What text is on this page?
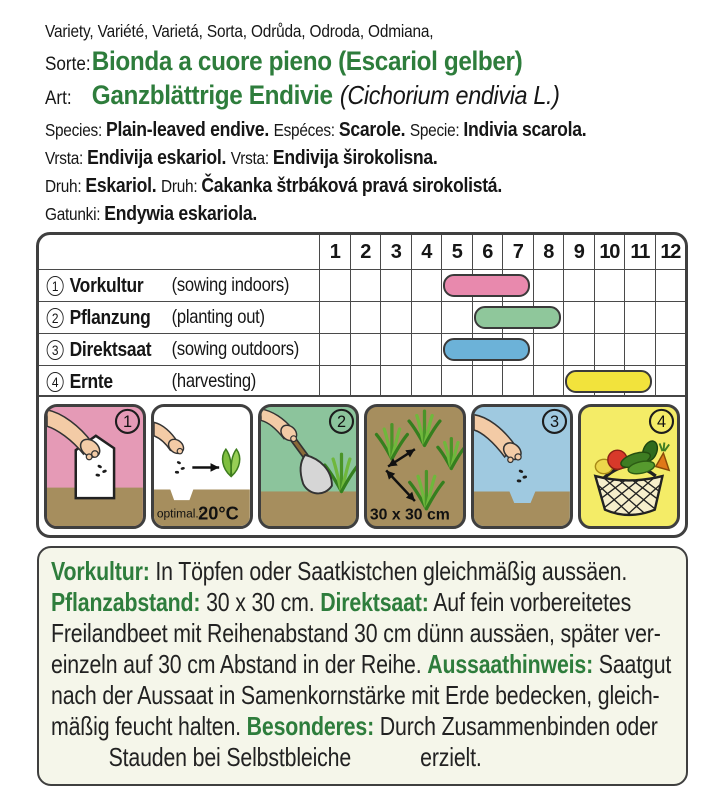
Variety, Variété, Varietá, Sorta, Odrůda, Odroda, Odmiana,
Sorte: Bionda a cuore pieno (Escariol gelber)
Art: Ganzblättrige Endivie (Cichorium endivia L.)
Species: Plain-leaved endive. Espéces: Scarole. Specie: Indivia scarola.
Vrsta: Endivija eskariol. Vrsta: Endivija širokolisna.
Druh: Eskariol. Druh: Čakanka štrbáková pravá sirokolistá.
Gatunki: Endywia eskariola.
1	2	3	4	5	6	7	8	9 10 11 12
1 Vorkultur	(sowing indoors)
2 Pflanzung	(planting out)
3 Direktsaat	(sowing outdoors)
4 Ernte	(harvesting)
1
optimal.:
20°C
2
30 x 30 cm
3	4
Vorkultur: In Töpfen oder Saatkistchen gleichmäßig aussäen.
Pflanzabstand: 30 x 30 cm. Direktsaat: Auf fein vorbereitetes
Freilandbeet mit Reihenabstand 30 cm dünn aussäen, später ver-
einzeln auf 30 cm Abstand in der Reihe. Aussaathinweis: Saatgut
nach der Aussaat in Samenkornstärke mit Erde bedecken, gleich-
mäßig feucht halten. Besonderes: Durch Zusammenbinden oder
Stauden bei Selbstbleiche            erzielt.
